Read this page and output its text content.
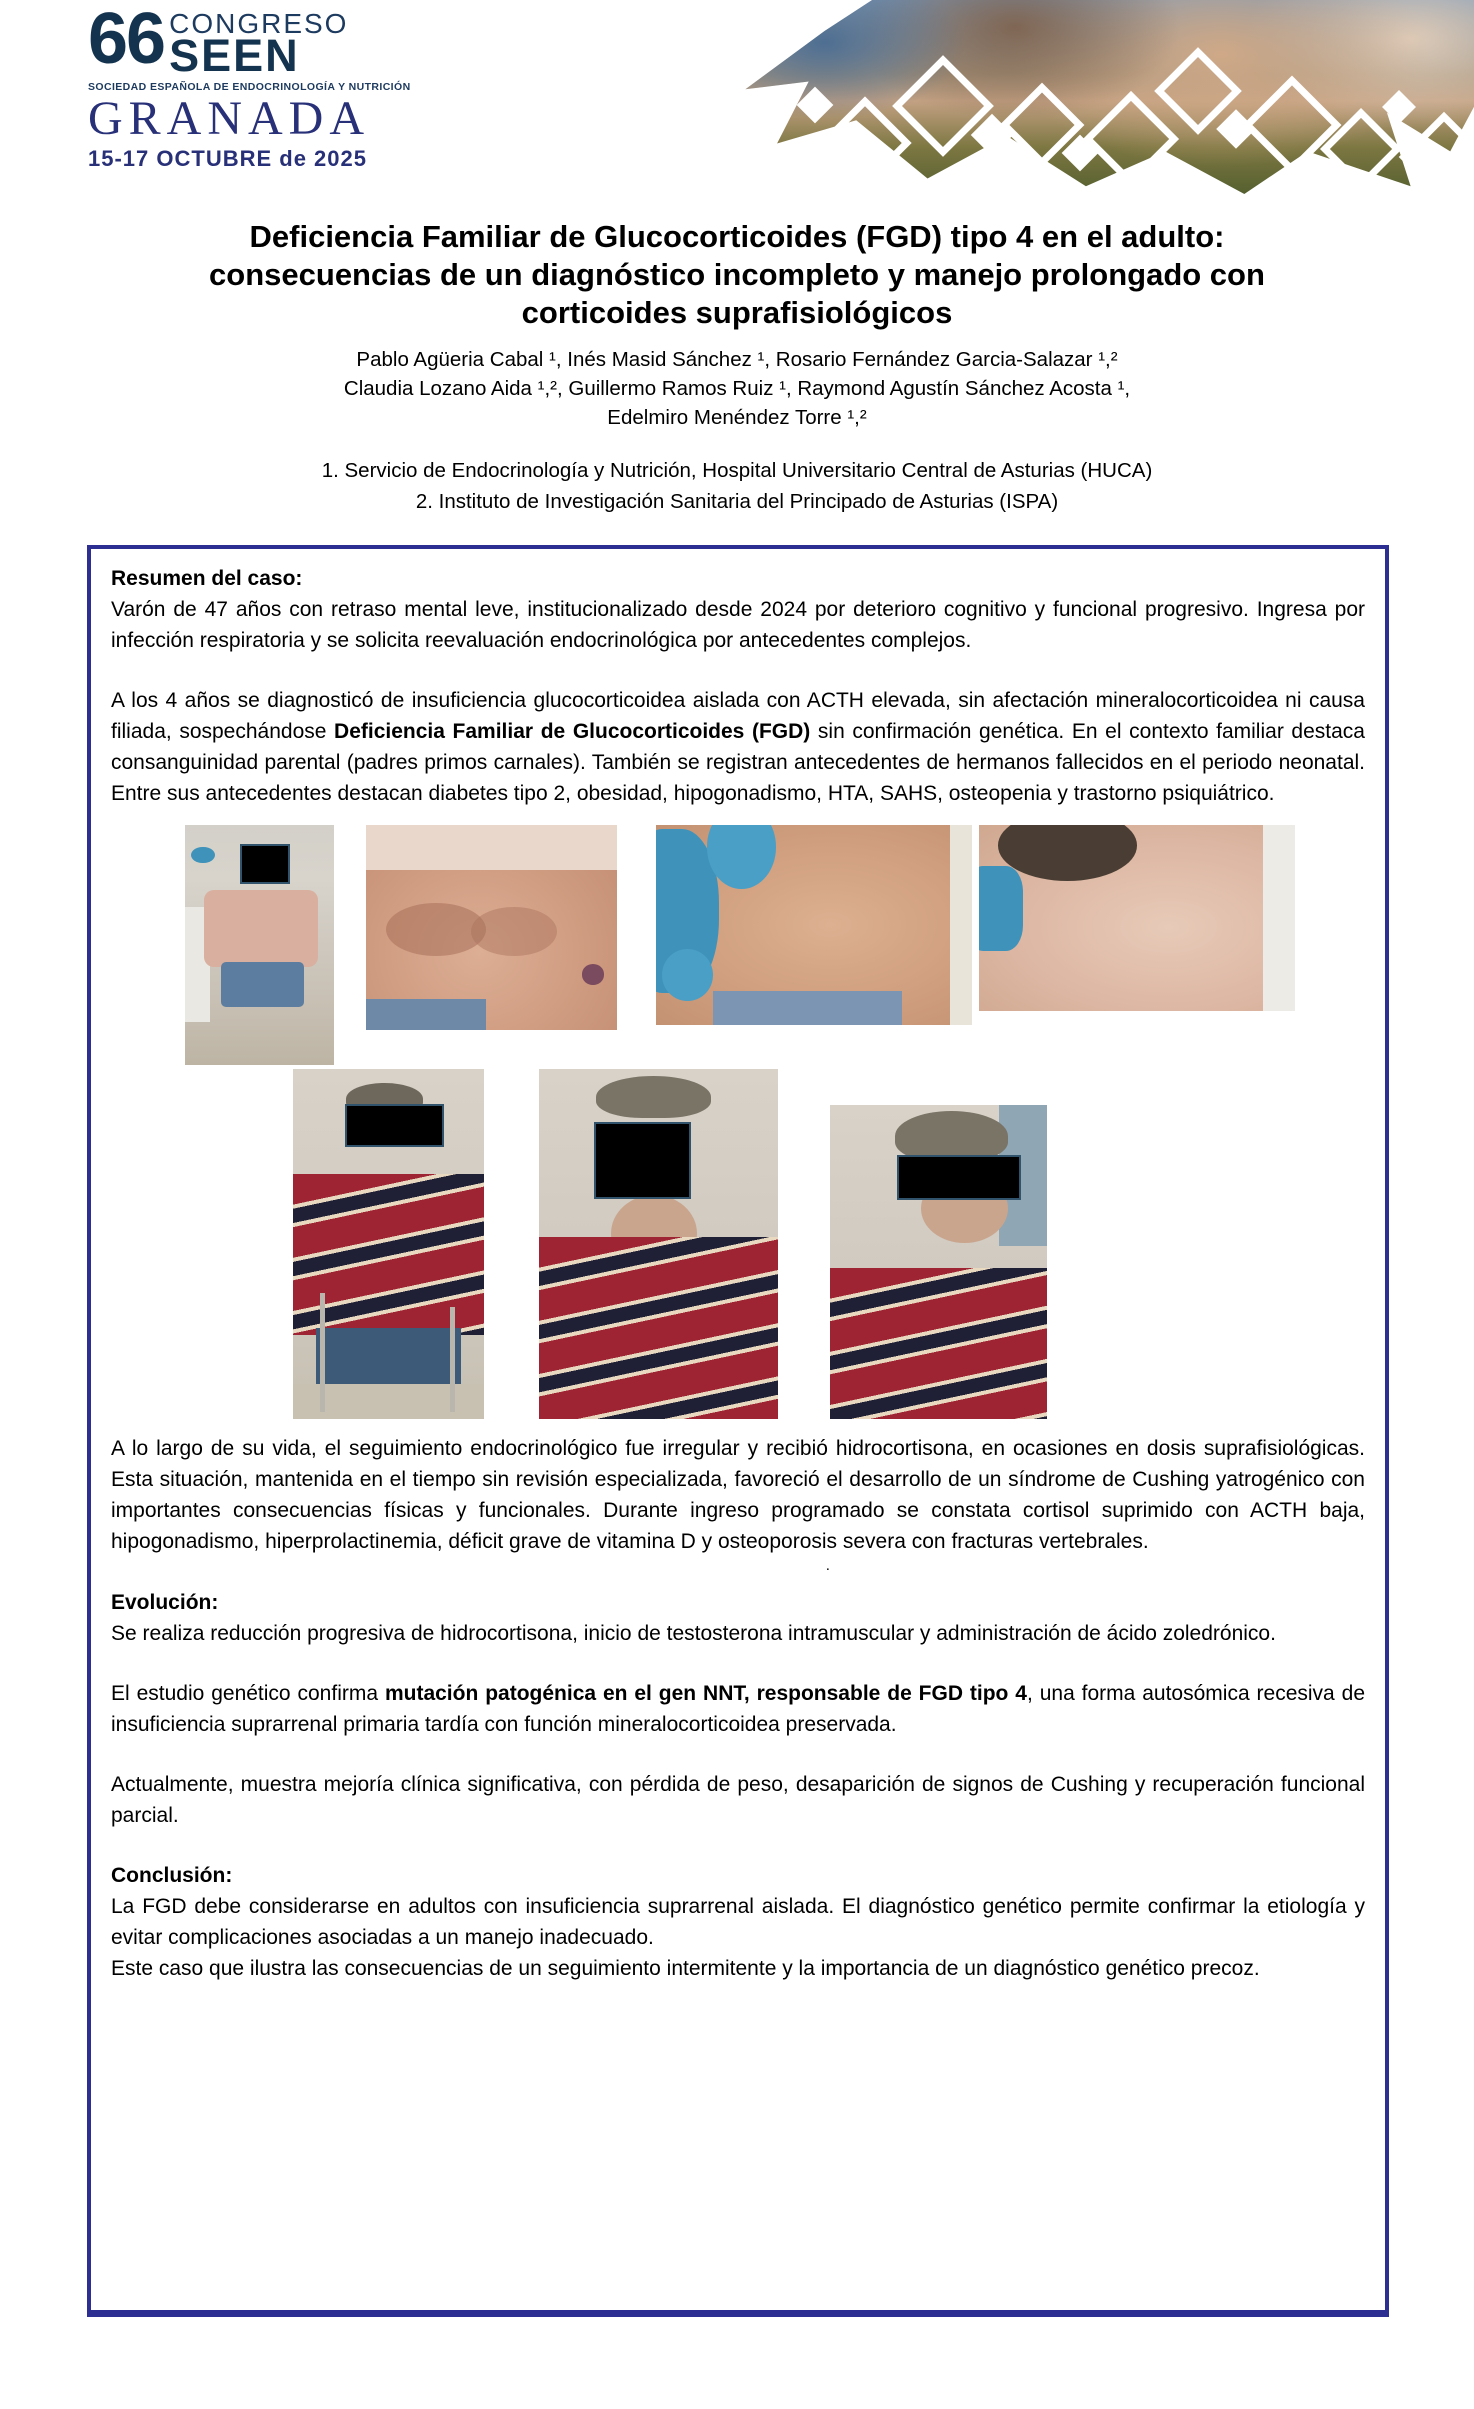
66 CONGRESO
SEEN
SOCIEDAD ESPAÑOLA DE ENDOCRINOLOGÍA Y NUTRICIÓN
GRANADA
15-17 OCTUBRE de 2025
Deficiencia Familiar de Glucocorticoides (FGD) tipo 4 en el adulto:
consecuencias de un diagnóstico incompleto y manejo prolongado con
corticoides suprafisiológicos
Pablo Agüeria Cabal ¹, Inés Masid Sánchez ¹, Rosario Fernández Garcia-Salazar ¹,²
Claudia Lozano Aida ¹,², Guillermo Ramos Ruiz ¹, Raymond Agustín Sánchez Acosta ¹,
Edelmiro Menéndez Torre ¹,²
1. Servicio de Endocrinología y Nutrición, Hospital Universitario Central de Asturias (HUCA)
2. Instituto de Investigación Sanitaria del Principado de Asturias (ISPA)
Resumen del caso:

Varón de 47 años con retraso mental leve, institucionalizado desde 2024 por deterioro cognitivo y funcional progresivo. Ingresa por infección respiratoria y se solicita reevaluación endocrinológica por antecedentes complejos.

A los 4 años se diagnosticó de insuficiencia glucocorticoidea aislada con ACTH elevada, sin afectación mineralocorticoidea ni causa filiada, sospechándose Deficiencia Familiar de Glucocorticoides (FGD) sin confirmación genética. En el contexto familiar destaca consanguinidad parental (padres primos carnales). También se registran antecedentes de hermanos fallecidos en el periodo neonatal. Entre sus antecedentes destacan diabetes tipo 2, obesidad, hipogonadismo, HTA, SAHS, osteopenia y trastorno psiquiátrico.

A lo largo de su vida, el seguimiento endocrinológico fue irregular y recibió hidrocortisona, en ocasiones en dosis suprafisiológicas. Esta situación, mantenida en el tiempo sin revisión especializada, favoreció el desarrollo de un síndrome de Cushing yatrogénico con importantes consecuencias físicas y funcionales. Durante ingreso programado se constata cortisol suprimido con ACTH baja, hipogonadismo, hiperprolactinemia, déficit grave de vitamina D y osteoporosis severa con fracturas vertebrales.

.
Evolución:

Se realiza reducción progresiva de hidrocortisona, inicio de testosterona intramuscular y administración de ácido zoledrónico.

El estudio genético confirma mutación patogénica en el gen NNT, responsable de FGD tipo 4, una forma autosómica recesiva de insuficiencia suprarrenal primaria tardía con función mineralocorticoidea preservada.

Actualmente, muestra mejoría clínica significativa, con pérdida de peso, desaparición de signos de Cushing y recuperación funcional parcial.

Conclusión:

La FGD debe considerarse en adultos con insuficiencia suprarrenal aislada. El diagnóstico genético permite confirmar la etiología y evitar complicaciones asociadas a un manejo inadecuado.

Este caso que ilustra las consecuencias de un seguimiento intermitente y la importancia de un diagnóstico genético precoz.
